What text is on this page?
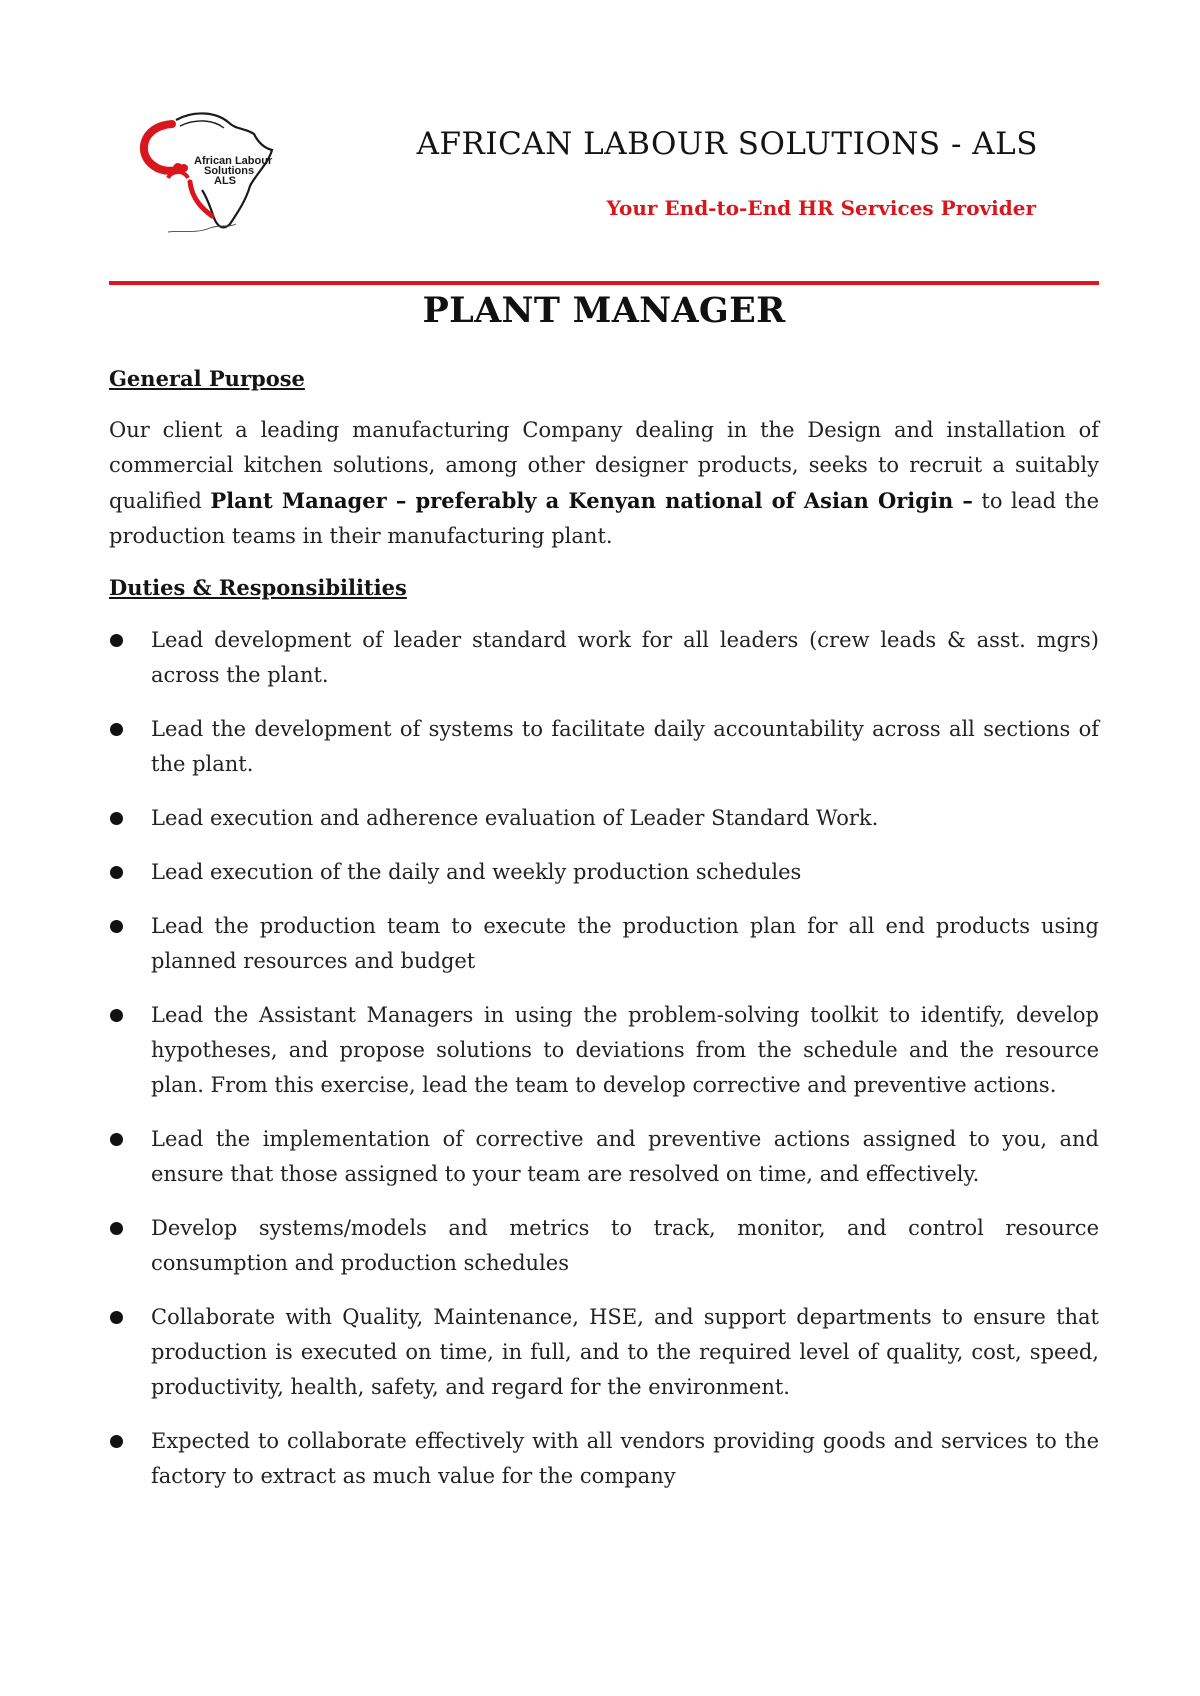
African Labour Solutions ALS
AFRICAN LABOUR SOLUTIONS - ALS
Your End-to-End HR Services Provider
PLANT MANAGER

General Purpose

Our client a leading manufacturing Company dealing in the Design and installation of commercial kitchen solutions, among other designer products, seeks to recruit a suitably qualified Plant Manager – preferably a Kenyan national of Asian Origin – to lead the production teams in their manufacturing plant.

Duties & Responsibilities

Lead development of leader standard work for all leaders (crew leads & asst. mgrs) across the plant.
Lead the development of systems to facilitate daily accountability across all sections of the plant.
Lead execution and adherence evaluation of Leader Standard Work.
Lead execution of the daily and weekly production schedules
Lead the production team to execute the production plan for all end products using planned resources and budget
Lead the Assistant Managers in using the problem-solving toolkit to identify, develop hypotheses, and propose solutions to deviations from the schedule and the resource plan. From this exercise, lead the team to develop corrective and preventive actions.
Lead the implementation of corrective and preventive actions assigned to you, and ensure that those assigned to your team are resolved on time, and effectively.
Develop systems/models and metrics to track, monitor, and control resource consumption and production schedules
Collaborate with Quality, Maintenance, HSE, and support departments to ensure that production is executed on time, in full, and to the required level of quality, cost, speed, productivity, health, safety, and regard for the environment.
Expected to collaborate effectively with all vendors providing goods and services to the factory to extract as much value for the company
